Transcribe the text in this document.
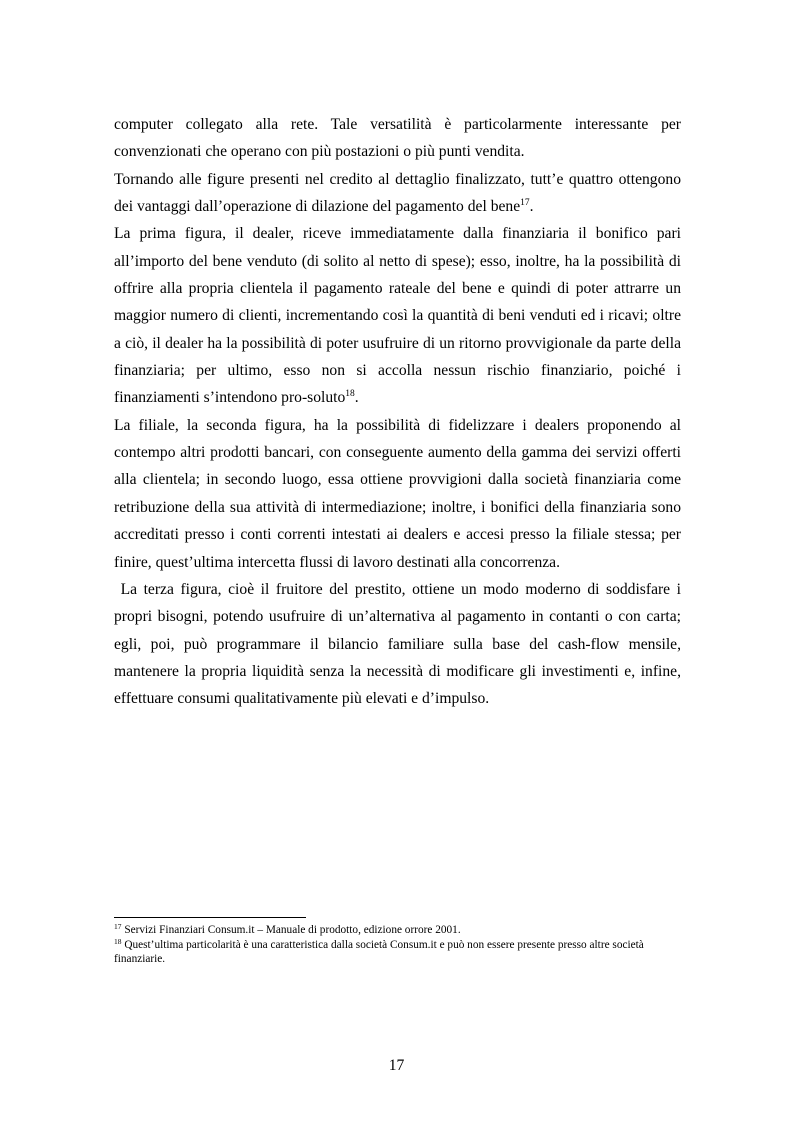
computer collegato alla rete. Tale versatilità è particolarmente interessante per convenzionati che operano con più postazioni o più punti vendita.

Tornando alle figure presenti nel credito al dettaglio finalizzato, tutt’e quattro ottengono dei vantaggi dall’operazione di dilazione del pagamento del bene$^{17}$.

La prima figura, il dealer, riceve immediatamente dalla finanziaria il bonifico pari all’importo del bene venduto (di solito al netto di spese); esso, inoltre, ha la possibilità di offrire alla propria clientela il pagamento rateale del bene e quindi di poter attrarre un maggior numero di clienti, incrementando così la quantità di beni venduti ed i ricavi; oltre a ciò, il dealer ha la possibilità di poter usufruire di un ritorno provvigionale da parte della finanziaria; per ultimo, esso non si accolla nessun rischio finanziario, poiché i finanziamenti s’intendono pro-soluto$^{18}$.

La filiale, la seconda figura, ha la possibilità di fidelizzare i dealers proponendo al contempo altri prodotti bancari, con conseguente aumento della gamma dei servizi offerti alla clientela; in secondo luogo, essa ottiene provvigioni dalla società finanziaria come retribuzione della sua attività di intermediazione; inoltre, i bonifici della finanziaria sono accreditati presso i conti correnti intestati ai dealers e accesi presso la filiale stessa; per finire, quest’ultima intercetta flussi di lavoro destinati alla concorrenza.

La terza figura, cioè il fruitore del prestito, ottiene un modo moderno di soddisfare i propri bisogni, potendo usufruire di un’alternativa al pagamento in contanti o con carta; egli, poi, può programmare il bilancio familiare sulla base del cash-flow mensile, mantenere la propria liquidità senza la necessità di modificare gli investimenti e, infine, effettuare consumi qualitativamente più elevati e d’impulso.

$^{17}$ Servizi Finanziari Consum.it – Manuale di prodotto, edizione orrore 2001.

$^{18}$ Quest’ultima particolarità è una caratteristica dalla società Consum.it e può non essere presente presso altre società finanziarie.

17
